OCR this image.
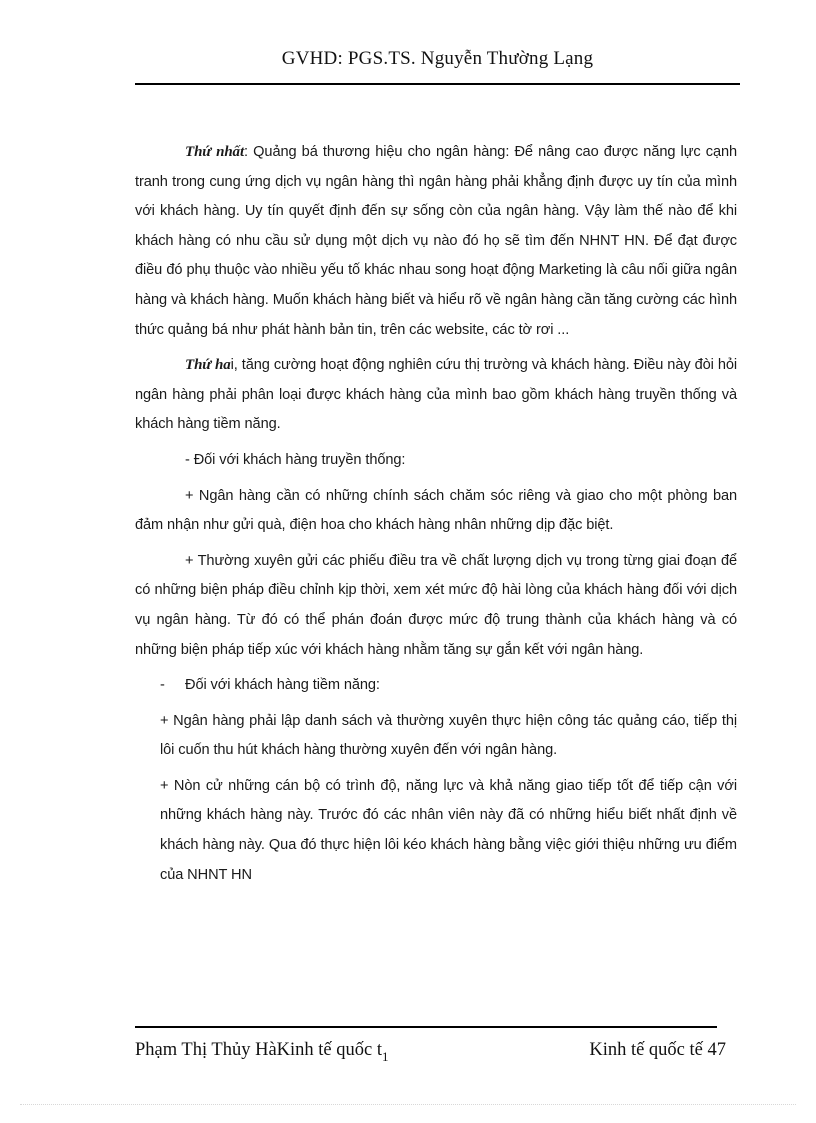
GVHD: PGS.TS. Nguyễn Thường Lạng

Thứ nhất: Quảng bá thương hiệu cho ngân hàng: Để nâng cao được năng lực cạnh tranh trong cung ứng dịch vụ ngân hàng thì ngân hàng phải khẳng định được uy tín của mình với khách hàng. Uy tín quyết định đến sự sống còn của ngân hàng. Vậy làm thế nào để khi khách hàng có nhu cầu sử dụng một dịch vụ nào đó họ sẽ tìm đến NHNT HN. Để đạt được điều đó phụ thuộc vào nhiều yếu tố khác nhau song hoạt động Marketing là câu nối giữa ngân hàng và khách hàng. Muốn khách hàng biết và hiểu rõ về ngân hàng cần tăng cường các hình thức quảng bá như phát hành bản tin, trên các website, các tờ rơi ...

Thứ hai, tăng cường hoạt động nghiên cứu thị trường và khách hàng. Điều này đòi hỏi ngân hàng phải phân loại được khách hàng của mình bao gồm khách hàng truyền thống và khách hàng tiềm năng.

- Đối với khách hàng truyền thống:

+ Ngân hàng cần có những chính sách chăm sóc riêng và giao cho một phòng ban đảm nhận như gửi quà, điện hoa cho khách hàng nhân những dịp đặc biệt.

+ Thường xuyên gửi các phiếu điều tra về chất lượng dịch vụ trong từng giai đoạn để có những biện pháp điều chỉnh kịp thời, xem xét mức độ hài lòng của khách hàng đối với dịch vụ ngân hàng. Từ đó có thể phán đoán được mức độ trung thành của khách hàng và có những biện pháp tiếp xúc với khách hàng nhằm tăng sự gắn kết với ngân hàng.

-	Đối với khách hàng tiềm năng:

+ Ngân hàng phải lập danh sách và thường xuyên thực hiện công tác quảng cáo, tiếp thị lôi cuốn thu hút khách hàng thường xuyên đến với ngân hàng.

+ Nòn cử những cán bộ có trình độ, năng lực và khả năng giao tiếp tốt để tiếp cận với những khách hàng này. Trước đó các nhân viên này đã có những hiểu biết nhất định về khách hàng này. Qua đó thực hiện lôi kéo khách hàng bằng việc giới thiệu những ưu điểm của NHNT HN

Phạm Thị Thủy HàKinh tế quốc $t_1$	Kinh tế quốc tế 47
